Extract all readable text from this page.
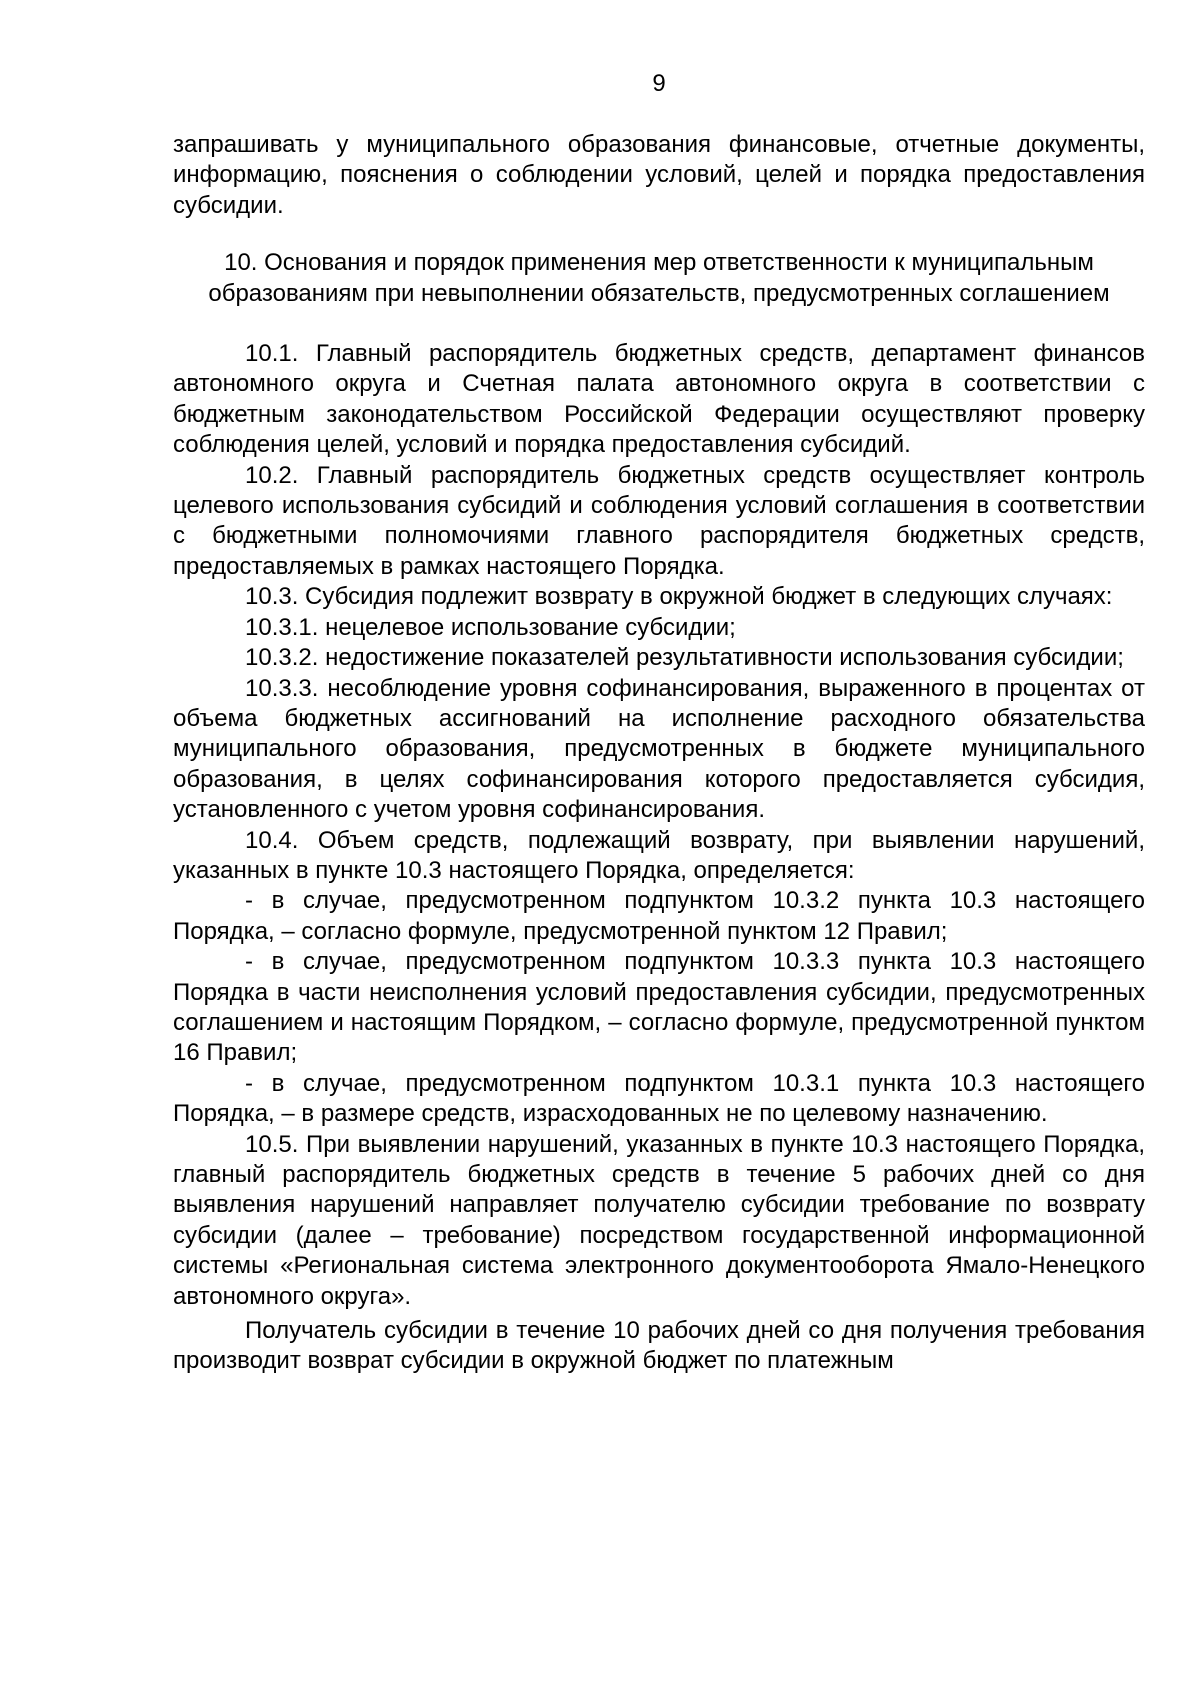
9

запрашивать у муниципального образования финансовые, отчетные документы, информацию, пояснения о соблюдении условий, целей и порядка предоставления субсидии.

10. Основания и порядок применения мер ответственности к муниципальным образованиям при невыполнении обязательств, предусмотренных соглашением

10.1. Главный распорядитель бюджетных средств, департамент финансов автономного округа и Счетная палата автономного округа в соответствии с бюджетным законодательством Российской Федерации осуществляют проверку соблюдения целей, условий и порядка предоставления субсидий.

10.2. Главный распорядитель бюджетных средств осуществляет контроль целевого использования субсидий и соблюдения условий соглашения в соответствии с бюджетными полномочиями главного распорядителя бюджетных средств, предоставляемых в рамках настоящего Порядка.

10.3. Субсидия подлежит возврату в окружной бюджет в следующих случаях:

10.3.1. нецелевое использование субсидии;

10.3.2. недостижение показателей результативности использования субсидии;

10.3.3. несоблюдение уровня софинансирования, выраженного в процентах от объема бюджетных ассигнований на исполнение расходного обязательства муниципального образования, предусмотренных в бюджете муниципального образования, в целях софинансирования которого предоставляется субсидия, установленного с учетом уровня софинансирования.

10.4. Объем средств, подлежащий возврату, при выявлении нарушений, указанных в пункте 10.3 настоящего Порядка, определяется:

- в случае, предусмотренном подпунктом 10.3.2 пункта 10.3 настоящего Порядка, – согласно формуле, предусмотренной пунктом 12 Правил;

- в случае, предусмотренном подпунктом 10.3.3 пункта 10.3 настоящего Порядка в части неисполнения условий предоставления субсидии, предусмотренных соглашением и настоящим Порядком, – согласно формуле, предусмотренной пунктом 16 Правил;

- в случае, предусмотренном подпунктом 10.3.1 пункта 10.3 настоящего Порядка, – в размере средств, израсходованных не по целевому назначению.

10.5. При выявлении нарушений, указанных в пункте 10.3 настоящего Порядка, главный распорядитель бюджетных средств в течение 5 рабочих дней со дня выявления нарушений направляет получателю субсидии требование по возврату субсидии (далее – требование) посредством государственной информационной системы «Региональная система электронного документооборота Ямало-Ненецкого автономного округа».

Получатель субсидии в течение 10 рабочих дней со дня получения требования производит возврат субсидии в окружной бюджет по платежным
